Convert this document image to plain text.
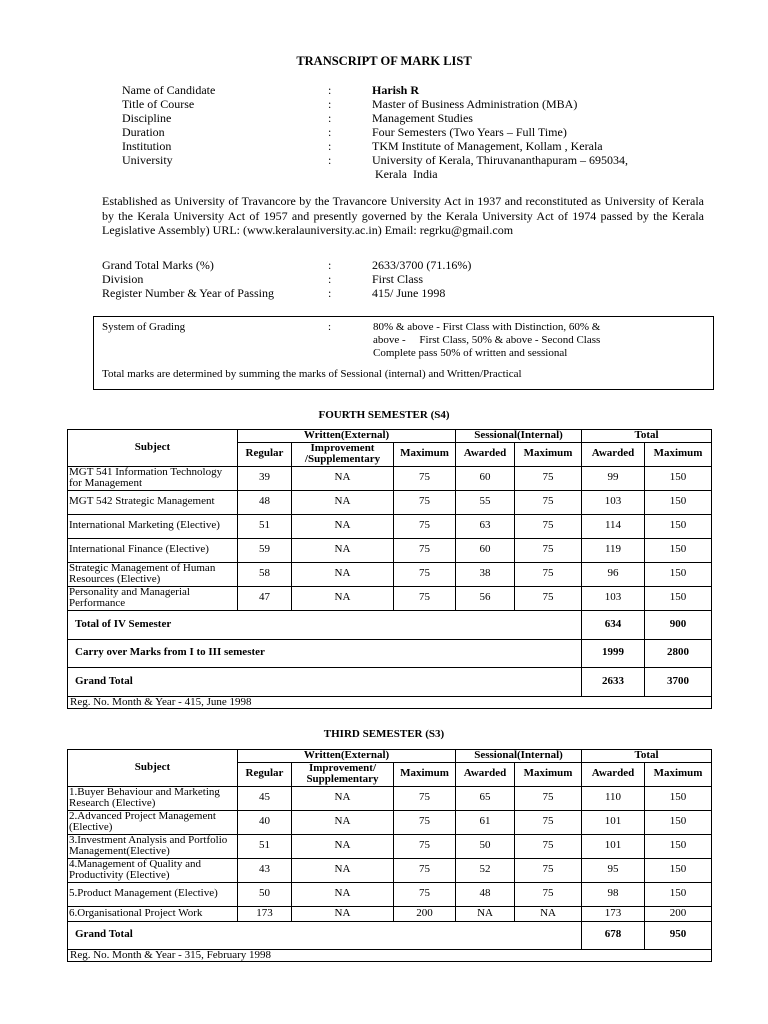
TRANSCRIPT OF MARK LIST
Name of Candidate	:	Harish R
Title of Course	:	Master of Business Administration (MBA)
Discipline	:	Management Studies
Duration	:	Four Semesters (Two Years – Full Time)
Institution	:	TKM Institute of Management, Kollam , Kerala
University	:	University of Kerala, Thiruvananthapuram – 695034,
Kerala  India
Established as University of Travancore by the Travancore University Act in 1937 and reconstituted as University of Kerala by the Kerala University Act of 1957 and presently governed by the Kerala University Act of 1974 passed by the Kerala Legislative Assembly) URL: (www.keralauniversity.ac.in) Email: regrku@gmail.com
Grand Total Marks (%)	:	2633/3700 (71.16%)
Division	:	First Class
Register Number & Year of Passing	:	415/ June 1998
System of Grading	:	80% & above - First Class with Distinction, 60% &
above -     First Class, 50% & above - Second Class
Complete pass 50% of written and sessional
Total marks are determined by summing the marks of Sessional (internal) and Written/Practical
FOURTH SEMESTER (S4)
Subject	Written(External)			Sessional(Internal)		Total	
	Regular	Improvement /Supplementary	Maximum	Awarded	Maximum	Awarded	Maximum
MGT 541 Information Technology for Management	39	NA	75	60	75	99	150
MGT 542 Strategic Management	48	NA	75	55	75	103	150
International Marketing (Elective)	51	NA	75	63	75	114	150
International Finance (Elective)	59	NA	75	60	75	119	150
Strategic Management of Human Resources (Elective)	58	NA	75	38	75	96	150
Personality and Managerial Performance	47	NA	75	56	75	103	150
Total of IV Semester						634	900
Carry over Marks from I to III semester						1999	2800
Grand Total						2633	3700
Reg. No. Month & Year - 415, June 1998							
THIRD SEMESTER (S3)
Subject	Written(External)			Sessional(Internal)		Total	
	Regular	Improvement/ Supplementary	Maximum	Awarded	Maximum	Awarded	Maximum
1.Buyer Behaviour and Marketing Research (Elective)	45	NA	75	65	75	110	150
2.Advanced Project Management (Elective)	40	NA	75	61	75	101	150
3.Investment Analysis and Portfolio Management(Elective)	51	NA	75	50	75	101	150
4.Management of Quality and Productivity (Elective)	43	NA	75	52	75	95	150
5.Product Management (Elective)	50	NA	75	48	75	98	150
6.Organisational Project Work	173	NA	200	NA	NA	173	200
Grand Total						678	950
Reg. No. Month & Year - 315, February 1998							
